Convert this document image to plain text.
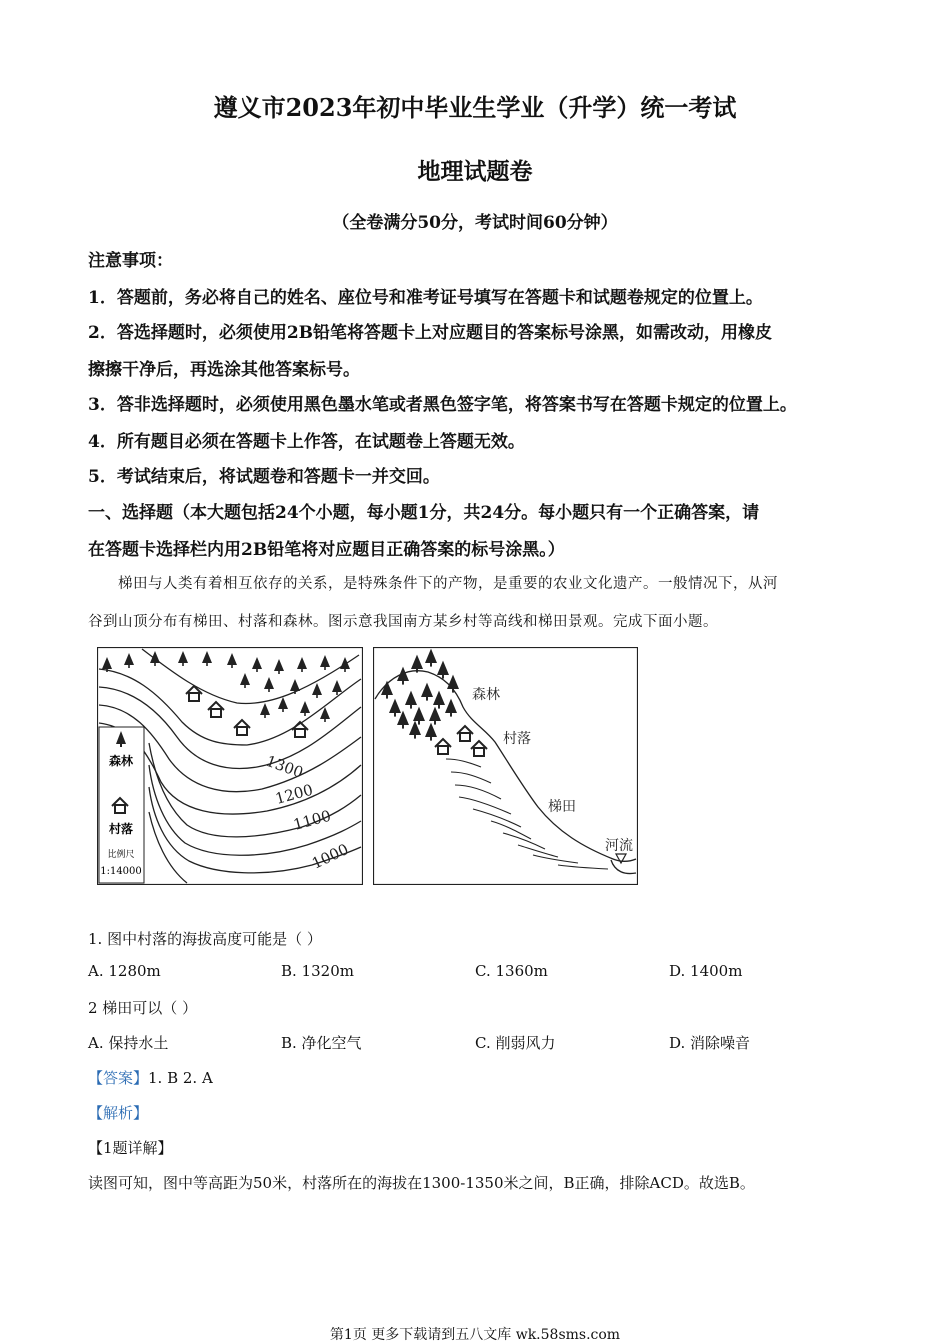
遵义市2023年初中毕业生学业（升学）统一考试
地理试题卷
（全卷满分50分，考试时间60分钟）
注意事项：
1．答题前，务必将自己的姓名、座位号和准考证号填写在答题卡和试题卷规定的位置上。
2．答选择题时，必须使用2B铅笔将答题卡上对应题目的答案标号涂黑，如需改动，用橡皮
擦擦干净后，再选涂其他答案标号。
3．答非选择题时，必须使用黑色墨水笔或者黑色签字笔，将答案书写在答题卡规定的位置上。
4．所有题目必须在答题卡上作答，在试题卷上答题无效。
5．考试结束后，将试题卷和答题卡一并交回。
一、选择题（本大题包括24个小题，每小题1分，共24分。每小题只有一个正确答案，请
在答题卡选择栏内用2B铅笔将对应题目正确答案的标号涂黑。）
梯田与人类有着相互依存的关系，是特殊条件下的产物，是重要的农业文化遗产。一般情况下，从河
谷到山顶分布有梯田、村落和森林。图示意我国南方某乡村等高线和梯田景观。完成下面小题。
1300
1200
1100
1000
森林
村落
比例尺
1:14000
森林
村落
梯田
河流
1. 图中村落的海拔高度可能是（ ）
A. 1280m	B. 1320m	C. 1360m	D. 1400m
2 梯田可以（ ）
A. 保持水土	B. 净化空气	C. 削弱风力	D. 消除噪音
【答案】1. B 2. A
【解析】
【1题详解】
读图可知，图中等高距为50米，村落所在的海拔在1300-1350米之间，B正确，排除ACD。故选B。
第1页 更多下载请到五八文库 wk.58sms.com
